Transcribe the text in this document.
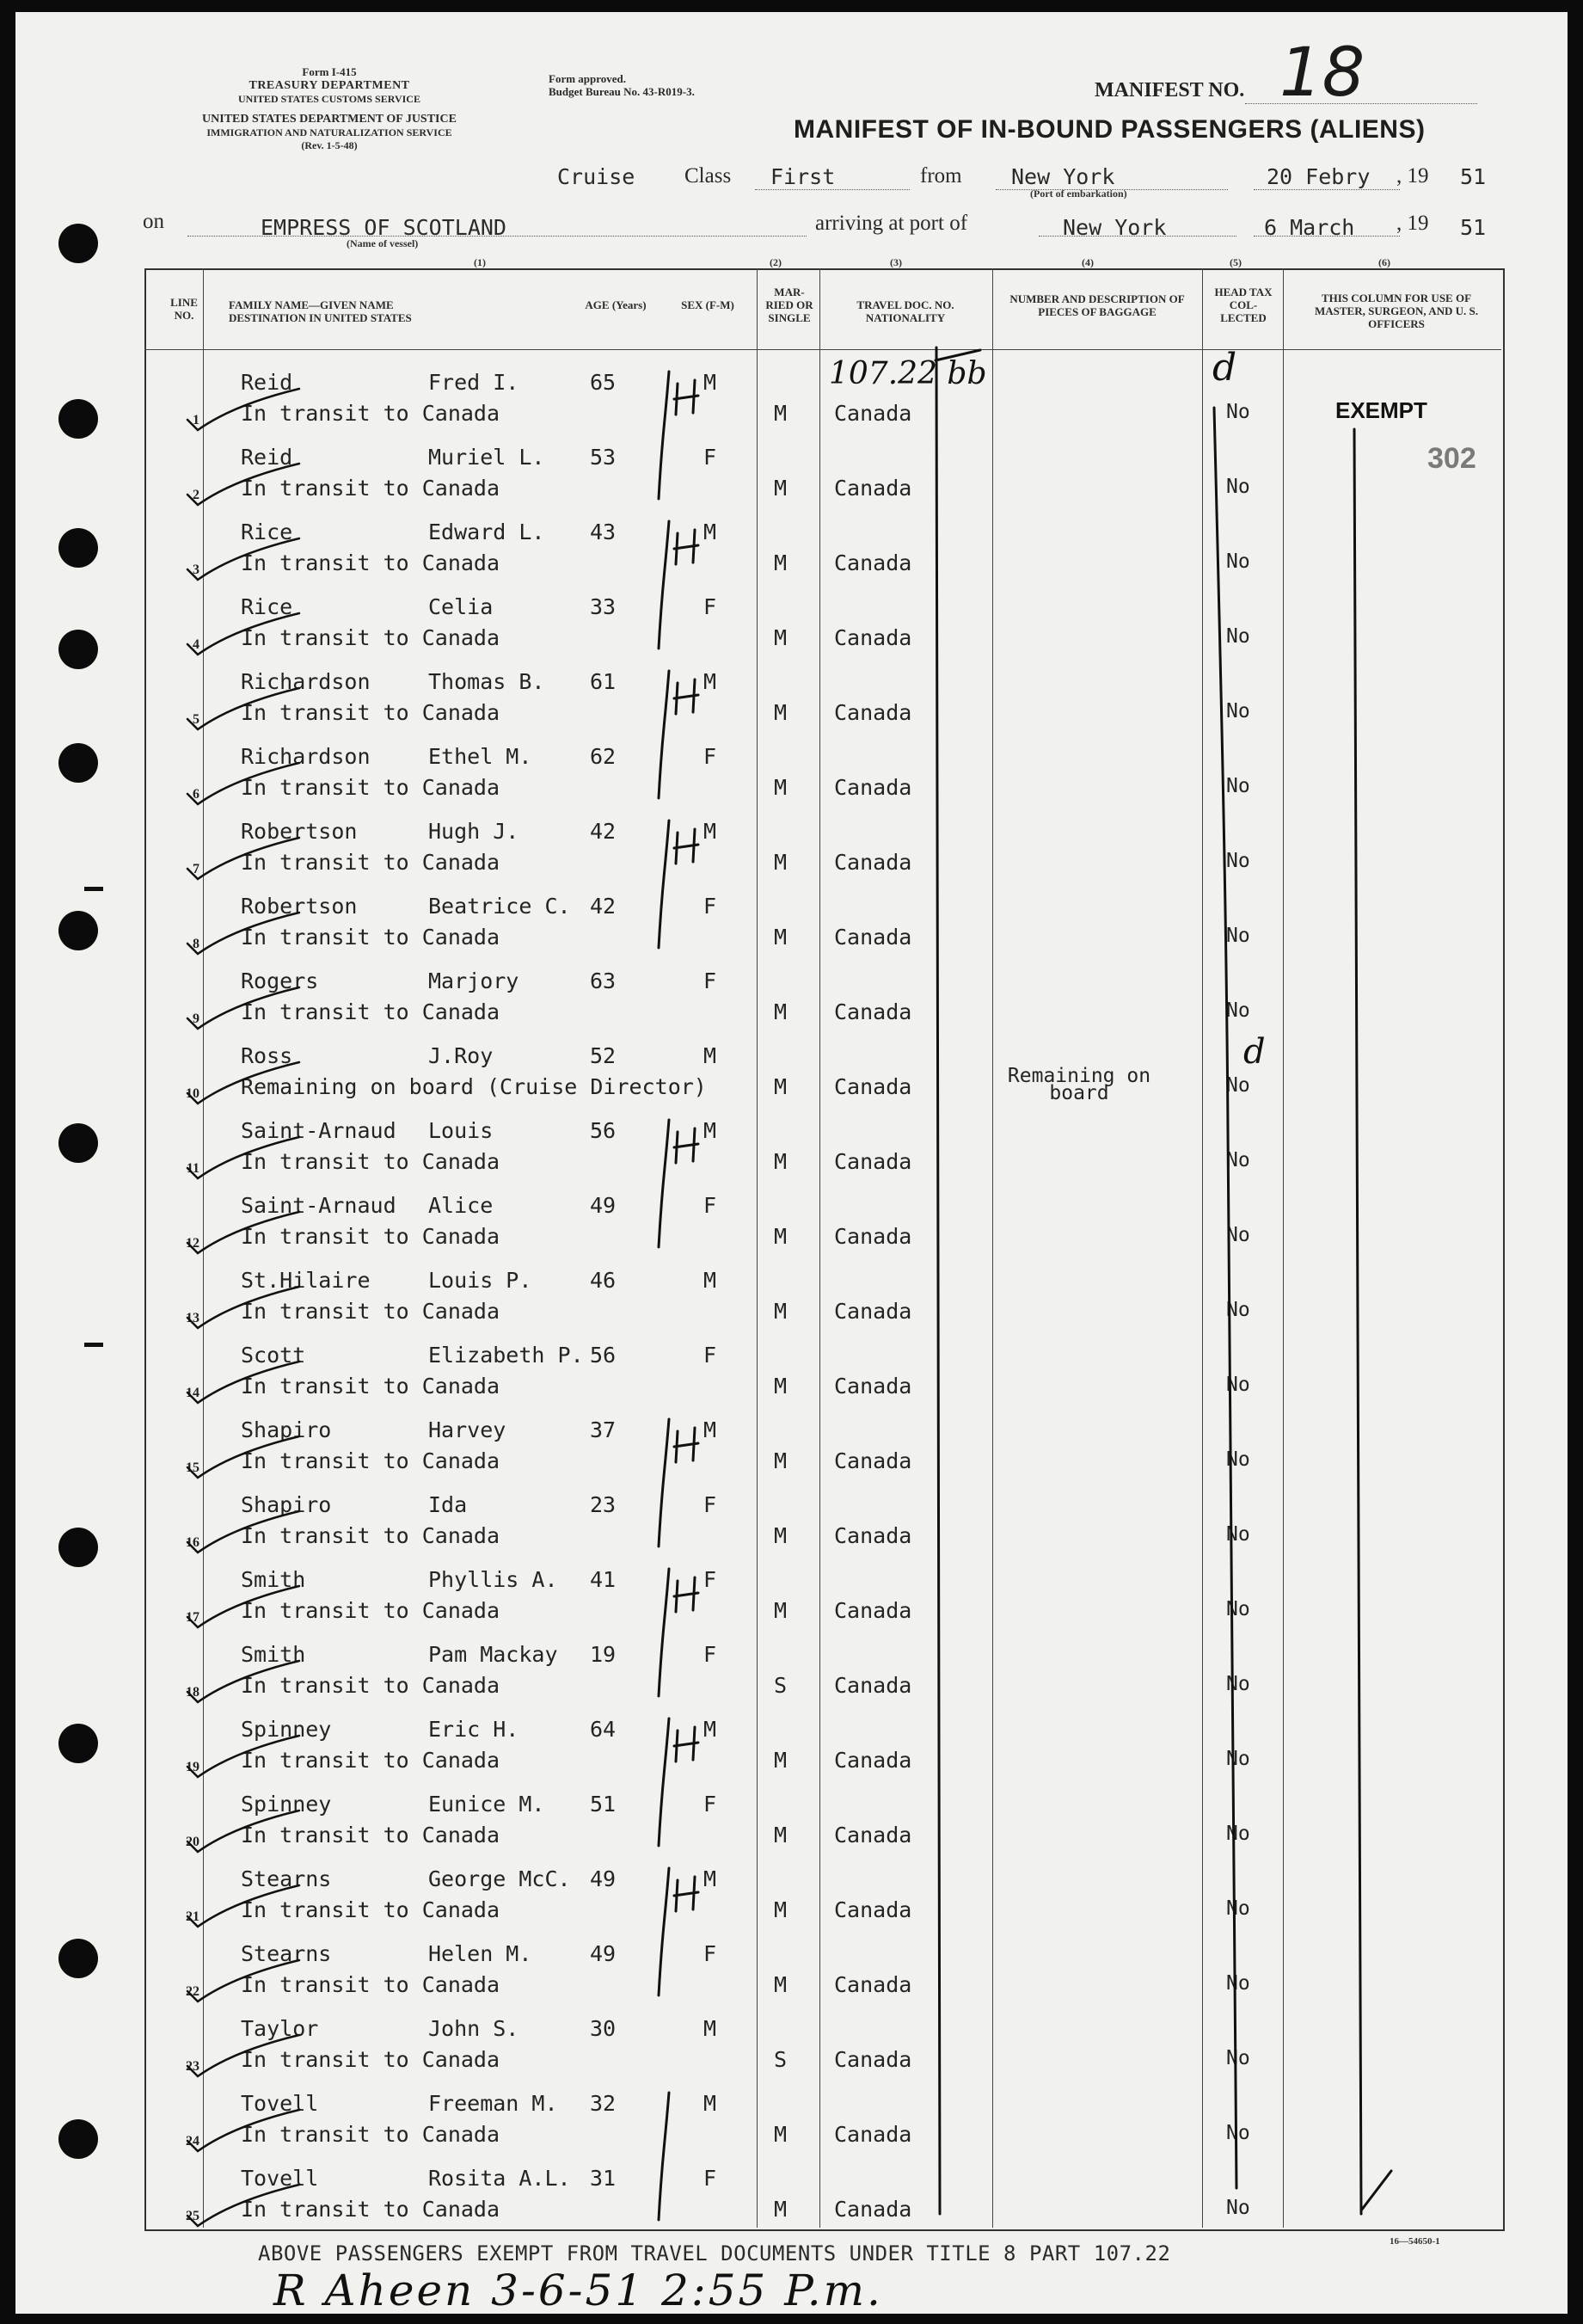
Form I-415
TREASURY DEPARTMENT
UNITED STATES CUSTOMS SERVICE
UNITED STATES DEPARTMENT OF JUSTICE
IMMIGRATION AND NATURALIZATION SERVICE
(Rev. 1-5-48)
Form approved.
Budget Bureau No. 43-R019-3.	MANIFEST NO. 18
MANIFEST OF IN-BOUND PASSENGERS (ALIENS)
Cruise Class First	from New York
(Port of embarkation)
20 Febry , 19 51
on	EMPRESS OF SCOTLAND
(Name of vessel)
arriving at port of	New York	6 March , 19 51
(1)	(2)	(3)	(4)	(5)	(6)
LINE NO.
FAMILY NAME—GIVEN NAME
DESTINATION IN UNITED STATES
AGE (Years)	SEX (F-M)
MAR- RIED OR SINGLE
TRAVEL DOC. NO. NATIONALITY
NUMBER AND DESCRIPTION OF PIECES OF BAGGAGE
HEAD TAX COL- LECTED
THIS COLUMN FOR USE OF MASTER, SURGEON, AND U. S. OFFICERS
1
Reid	Fred I.	65	M
In transit to Canada	M Canada	No
2
Reid	Muriel L. 53	F
In transit to Canada	M Canada	No
3
Rice	Edward L. 43	M
In transit to Canada	M Canada	No
4
Rice	Celia	33	F
In transit to Canada	M Canada	No
5
Richardson	Thomas B. 61	M
In transit to Canada	M Canada	No
6
Richardson	Ethel M.	62	F
In transit to Canada	M Canada	No
7
Robertson	Hugh J.	42	M
In transit to Canada	M Canada	No
8
Robertson	Beatrice C. 42	F
In transit to Canada	M Canada	No
9
Rogers	Marjory	63	F
In transit to Canada	M Canada	No
10
Ross	J.Roy	52	M
Remaining on board (Cruise Director)	M Canada	No
Remaining on board
11
Saint-Arnaud Louis	56	M
In transit to Canada	M Canada	No
12
Saint-Arnaud Alice	49	F
In transit to Canada	M Canada	No
13
St.Hilaire	Louis P.	46	M
In transit to Canada	M Canada	No
14
Scott	Elizabeth P. 56	F
In transit to Canada	M Canada	No
15
Shapiro	Harvey	37	M
In transit to Canada	M Canada	No
16
Shapiro	Ida	23	F
In transit to Canada	M Canada	No
17
Smith	Phyllis A. 41	F
In transit to Canada	M Canada	No
18
Smith	Pam Mackay 19	F
In transit to Canada	S Canada	No
19
Spinney	Eric H.	64	M
In transit to Canada	M Canada	No
20
Spinney	Eunice M. 51	F
In transit to Canada	M Canada	No
21
Stearns	George McC. 49	M
In transit to Canada	M Canada	No
22
Stearns	Helen M.	49	F
In transit to Canada	M Canada	No
23
Taylor	John S.	30	M
In transit to Canada	S Canada	No
24
Tovell	Freeman M. 32	M
In transit to Canada	M Canada	No
25
Tovell	Rosita A.L. 31	F
In transit to Canada	M Canada	No
107.22 bb	d
d
EXEMPT
302
ABOVE PASSENGERS EXEMPT FROM TRAVEL DOCUMENTS UNDER TITLE 8 PART 107.22	16—54650-1
R Aheen 3-6-51 2:55 P.m.
